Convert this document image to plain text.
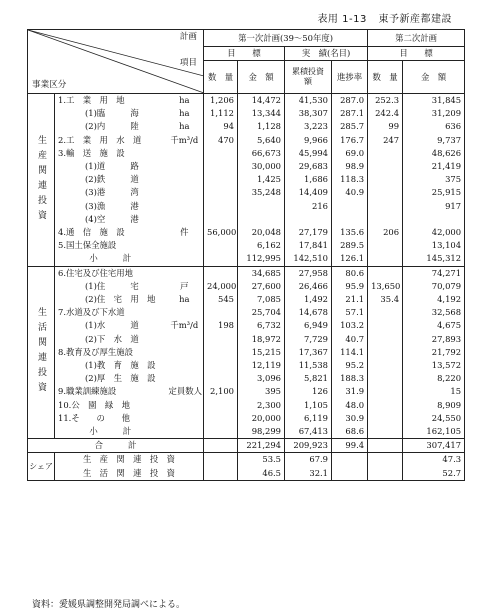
表用 1-13 東予新産都建設
計画
項目
事業区分			第一次計画(39〜50年度)				第二次計画	
			目　　標		実　績(名目)		目　　標	
			数　量	金　額	累積投資額	進捗率	数　量	金　額
生産関連投資	1.工　業　用　地	ha	1,206	14,472	41,530	287.0	252.3	31,845
	(1)臨　　　海	ha	1,112	13,344	38,307	287.1	242.4	31,209
	(2)内　　　陸	ha	94	1,128	3,223	285.7	99	636
	2.工　業　用　水　道	千m³/d	470	5,640	9,966	176.7	247	9,737
	3.輸　送　施　設			66,673	45,994	69.0		48,626
	(1)道　　　路			30,000	29,683	98.9		21,419
	(2)鉄　　　道			1,425	1,686	118.3		375
	(3)港　　　湾			35,248	14,409	40.9		25,915
	(3)漁　　　港				216			917
	(4)空　　　港							
	4.通　信　施　設	件	56,000	20,048	27,179	135.6	206	42,000
	5.国土保全施設			6,162	17,841	289.5		13,104
	小　　　計			112,995	142,510	126.1		145,312
生活関連投資	6.住宅及び住宅用地			34,685	27,958	80.6		74,271
	(1)住　　　宅	戸	24,000	27,600	26,466	95.9	13,650	70,079
	(2)住　宅　用　地	ha	545	7,085	1,492	21.1	35.4	4,192
	7.水道及び下水道			25,704	14,678	57.1		32,568
	(1)水　　　道	千m³/d	198	6,732	6,949	103.2		4,675
	(2)下　水　道			18,972	7,729	40.7		27,893
	8.教育及び厚生施設			15,215	17,367	114.1		21,792
	(1)教　育　施　設			12,119	11,538	95.2		13,572
	(2)厚　生　施　設			3,096	5,821	188.3		8,220
	9.職業訓練施設	定員数人	2,100	395	126	31.9		15
	10.公　園　緑　地			2,300	1,105	48.0		8,909
	11.そ　　の　　他			20,000	6,119	30.9		24,550
	小　　　計			98,299	67,413	68.6		162,105
合　　　計				221,294	209,923	99.4		307,417
シェア	生　産　関　連　投　資			53.5	67.9			47.3
	生　活　関　連　投　資			46.5	32.1			52.7
資料：愛媛県調整開発局調べによる。
